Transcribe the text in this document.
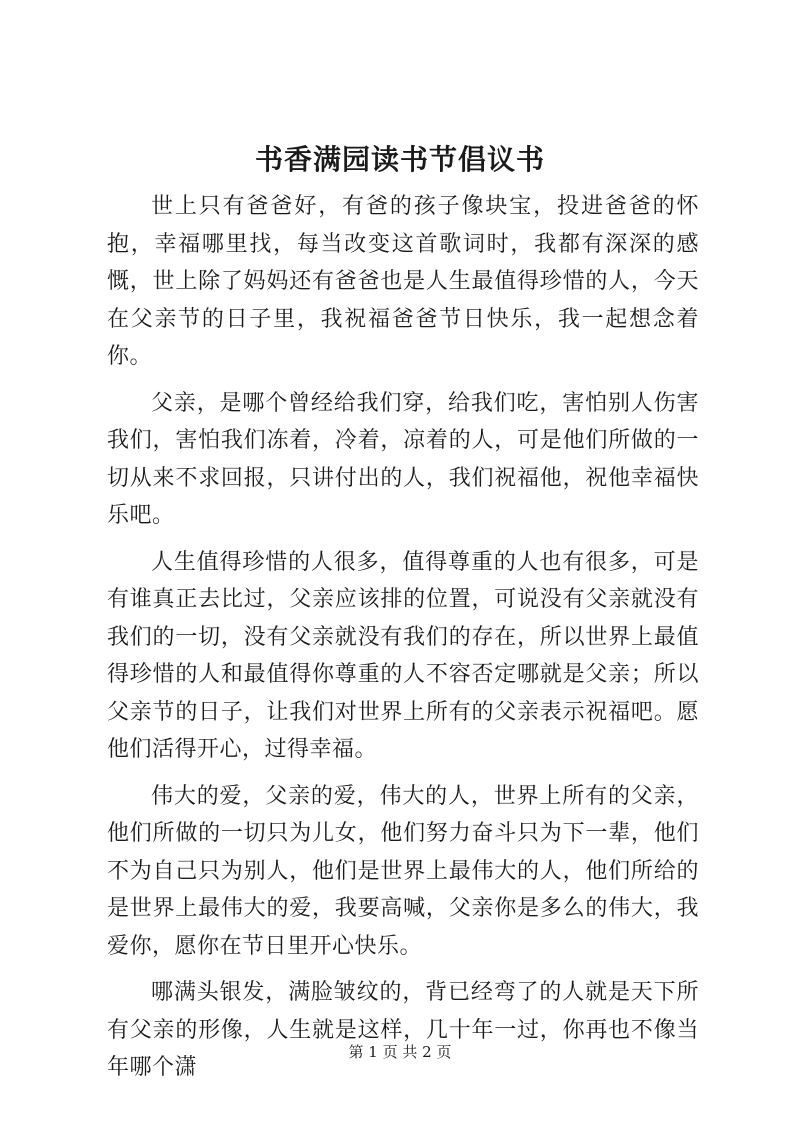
书香满园读书节倡议书

世上只有爸爸好，有爸的孩子像块宝，投进爸爸的怀抱，幸福哪里找，每当改变这首歌词时，我都有深深的感慨，世上除了妈妈还有爸爸也是人生最值得珍惜的人，今天在父亲节的日子里，我祝福爸爸节日快乐，我一起想念着你。

父亲，是哪个曾经给我们穿，给我们吃，害怕别人伤害我们，害怕我们冻着，冷着，凉着的人，可是他们所做的一切从来不求回报，只讲付出的人，我们祝福他，祝他幸福快乐吧。

人生值得珍惜的人很多，值得尊重的人也有很多，可是有谁真正去比过，父亲应该排的位置，可说没有父亲就没有我们的一切，没有父亲就没有我们的存在，所以世界上最值得珍惜的人和最值得你尊重的人不容否定哪就是父亲；所以父亲节的日子，让我们对世界上所有的父亲表示祝福吧。愿他们活得开心，过得幸福。

伟大的爱，父亲的爱，伟大的人，世界上所有的父亲，他们所做的一切只为儿女，他们努力奋斗只为下一辈，他们不为自己只为别人，他们是世界上最伟大的人，他们所给的是世界上最伟大的爱，我要高喊，父亲你是多么的伟大，我爱你，愿你在节日里开心快乐。

哪满头银发，满脸皱纹的，背已经弯了的人就是天下所有父亲的形像，人生就是这样，几十年一过，你再也不像当年哪个潇

第 1 页 共 2 页
